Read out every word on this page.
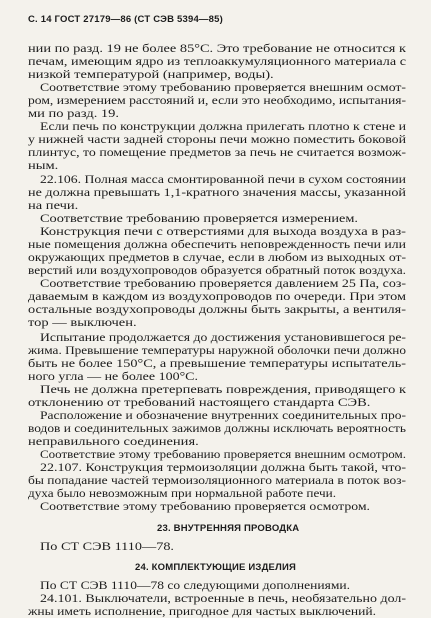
С. 14 ГОСТ 27179—86 (СТ СЭВ 5394—85)
нии по разд. 19 не более 85°С. Это требование не относится к
печам, имеющим ядро из теплоаккумуляционного материала с
низкой температурой (например, воды).
Соответствие этому требованию проверяется внешним осмот-
ром, измерением расстояний и, если это необходимо, испытания-
ми по разд. 19.
Если печь по конструкции должна прилегать плотно к стене и
у нижней части задней стороны печи можно поместить боковой
плинтус, то помещение предметов за печь не считается возмож-
ным.
22.106. Полная масса смонтированной печи в сухом состоянии
не должна превышать 1,1-кратного значения массы, указанной
на печи.
Соответствие требованию проверяется измерением.
Конструкция печи с отверстиями для выхода воздуха в раз-
ные помещения должна обеспечить неповрежденность печи или
окружающих предметов в случае, если в любом из выходных от-
верстий или воздухопроводов образуется обратный поток воздуха.
Соответствие требованию проверяется давлением 25 Па, соз-
даваемым в каждом из воздухопроводов по очереди. При этом
остальные воздухопроводы должны быть закрыты, а вентиля-
тор — выключен.
Испытание продолжается до достижения установившегося ре-
жима. Превышение температуры наружной оболочки печи должно
быть не более 150°С, а превышение температуры испытатель-
ного угла — не более 100°С.
Печь не должна претерпевать повреждения, приводящего к
отклонению от требований настоящего стандарта СЭВ.
Расположение и обозначение внутренних соединительных про-
водов и соединительных зажимов должны исключать вероятность
неправильного соединения.
Соответствие этому требованию проверяется внешним осмотром.
22.107. Конструкция термоизоляции должна быть такой, что-
бы попадание частей термоизоляционного материала в поток воз-
духа было невозможным при нормальной работе печи.
Соответствие этому требованию проверяется осмотром.
23. ВНУТРЕННЯЯ ПРОВОДКА
По СТ СЭВ 1110—78.
24. КОМПЛЕКТУЮЩИЕ ИЗДЕЛИЯ
По СТ СЭВ 1110—78 со следующими дополнениями.
24.101. Выключатели, встроенные в печь, необязательно дол-
жны иметь исполнение, пригодное для частых выключений.
